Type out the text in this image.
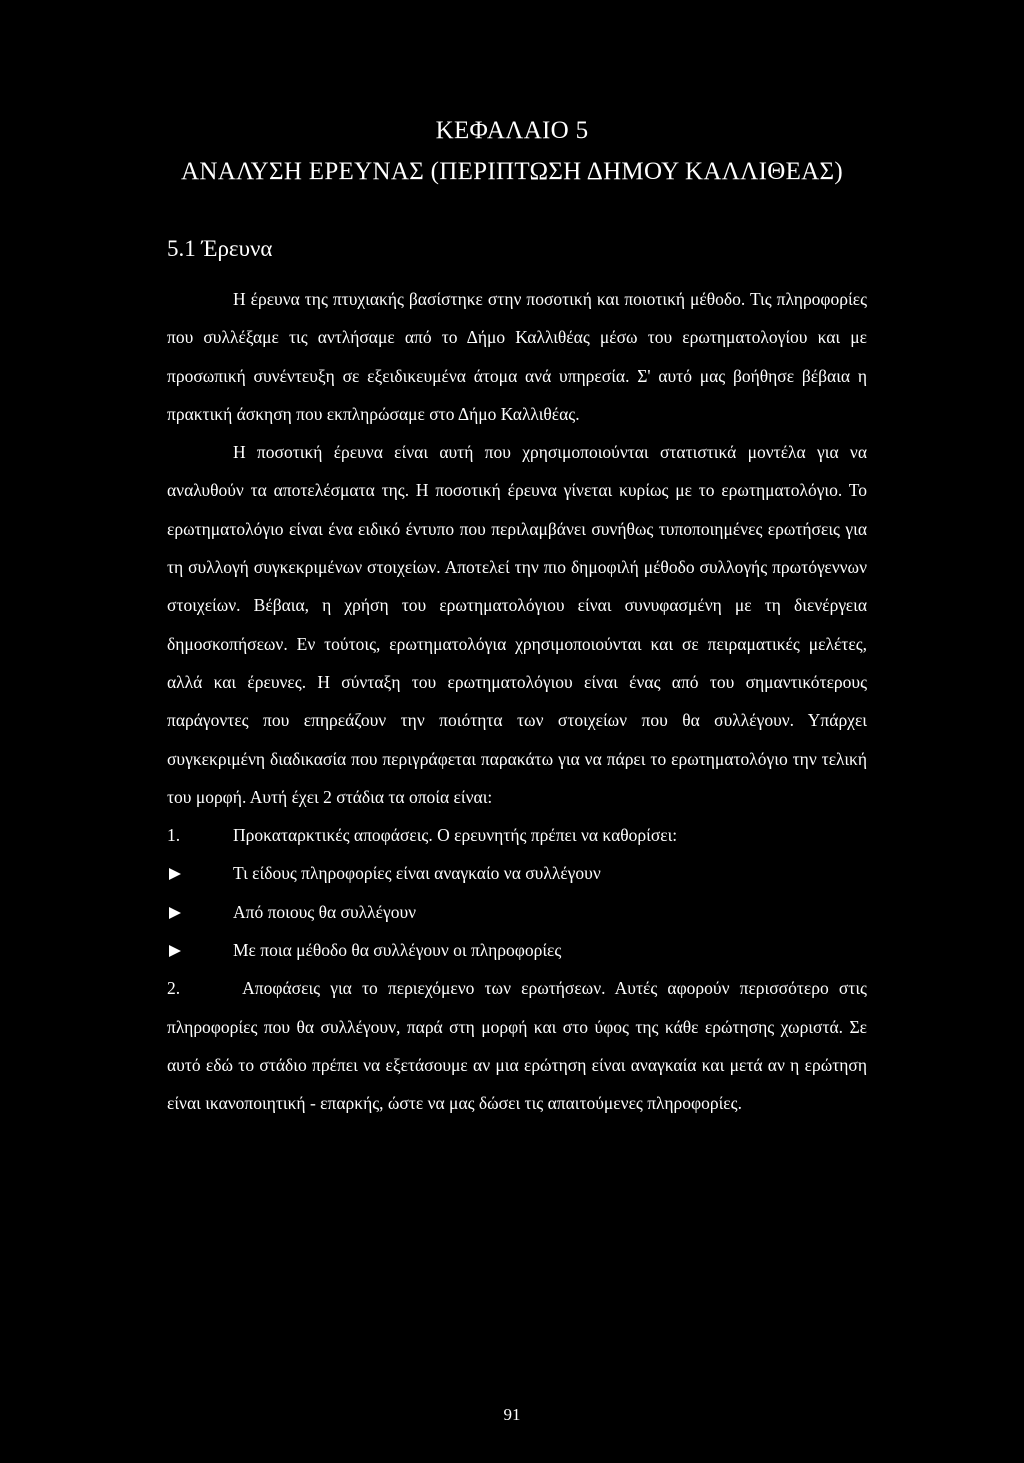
ΚΕΦΑΛΑΙΟ 5
ΑΝΑΛΥΣΗ ΕΡΕΥΝΑΣ (ΠΕΡΙΠΤΩΣΗ ΔΗΜΟΥ ΚΑΛΛΙΘΕΑΣ)
5.1 Έρευνα

Η έρευνα της πτυχιακής βασίστηκε στην ποσοτική και ποιοτική μέθοδο. Τις πληροφορίες που συλλέξαμε τις αντλήσαμε από το Δήμο Καλλιθέας μέσω του ερωτηματολογίου και με προσωπική συνέντευξη σε εξειδικευμένα άτομα ανά υπηρεσία. Σ' αυτό μας βοήθησε βέβαια η πρακτική άσκηση που εκπληρώσαμε στο Δήμο Καλλιθέας.

Η ποσοτική έρευνα είναι αυτή που χρησιμοποιούνται στατιστικά μοντέλα για να αναλυθούν τα αποτελέσματα της. Η ποσοτική έρευνα γίνεται κυρίως με το ερωτηματολόγιο. Το ερωτηματολόγιο είναι ένα ειδικό έντυπο που περιλαμβάνει συνήθως τυποποιημένες ερωτήσεις για τη συλλογή συγκεκριμένων στοιχείων. Αποτελεί την πιο δημοφιλή μέθοδο συλλογής πρωτόγεννων στοιχείων. Βέβαια, η χρήση του ερωτηματολόγιου είναι συνυφασμένη με τη διενέργεια δημοσκοπήσεων. Εν τούτοις, ερωτηματολόγια χρησιμοποιούνται και σε πειραματικές μελέτες, αλλά και έρευνες. Η σύνταξη του ερωτηματολόγιου είναι ένας από του σημαντικότερους παράγοντες που επηρεάζουν την ποιότητα των στοιχείων που θα συλλέγουν. Υπάρχει συγκεκριμένη διαδικασία που περιγράφεται παρακάτω για να πάρει το ερωτηματολόγιο την τελική του μορφή. Αυτή έχει 2 στάδια τα οποία είναι:

1.	Προκαταρκτικές αποφάσεις. Ο ερευνητής πρέπει να καθορίσει:
Τι είδους πληροφορίες είναι αναγκαίο να συλλέγουν
Από ποιους θα συλλέγουν
Με ποια μέθοδο θα συλλέγουν οι πληροφορίες
2.	Αποφάσεις για το περιεχόμενο των ερωτήσεων. Αυτές αφορούν περισσότερο στις πληροφορίες που θα συλλέγουν, παρά στη μορφή και στο ύφος της κάθε ερώτησης χωριστά. Σε αυτό εδώ το στάδιο πρέπει να εξετάσουμε αν μια ερώτηση είναι αναγκαία και μετά αν η ερώτηση είναι ικανοποιητική - επαρκής, ώστε να μας δώσει τις απαιτούμενες πληροφορίες.
91
